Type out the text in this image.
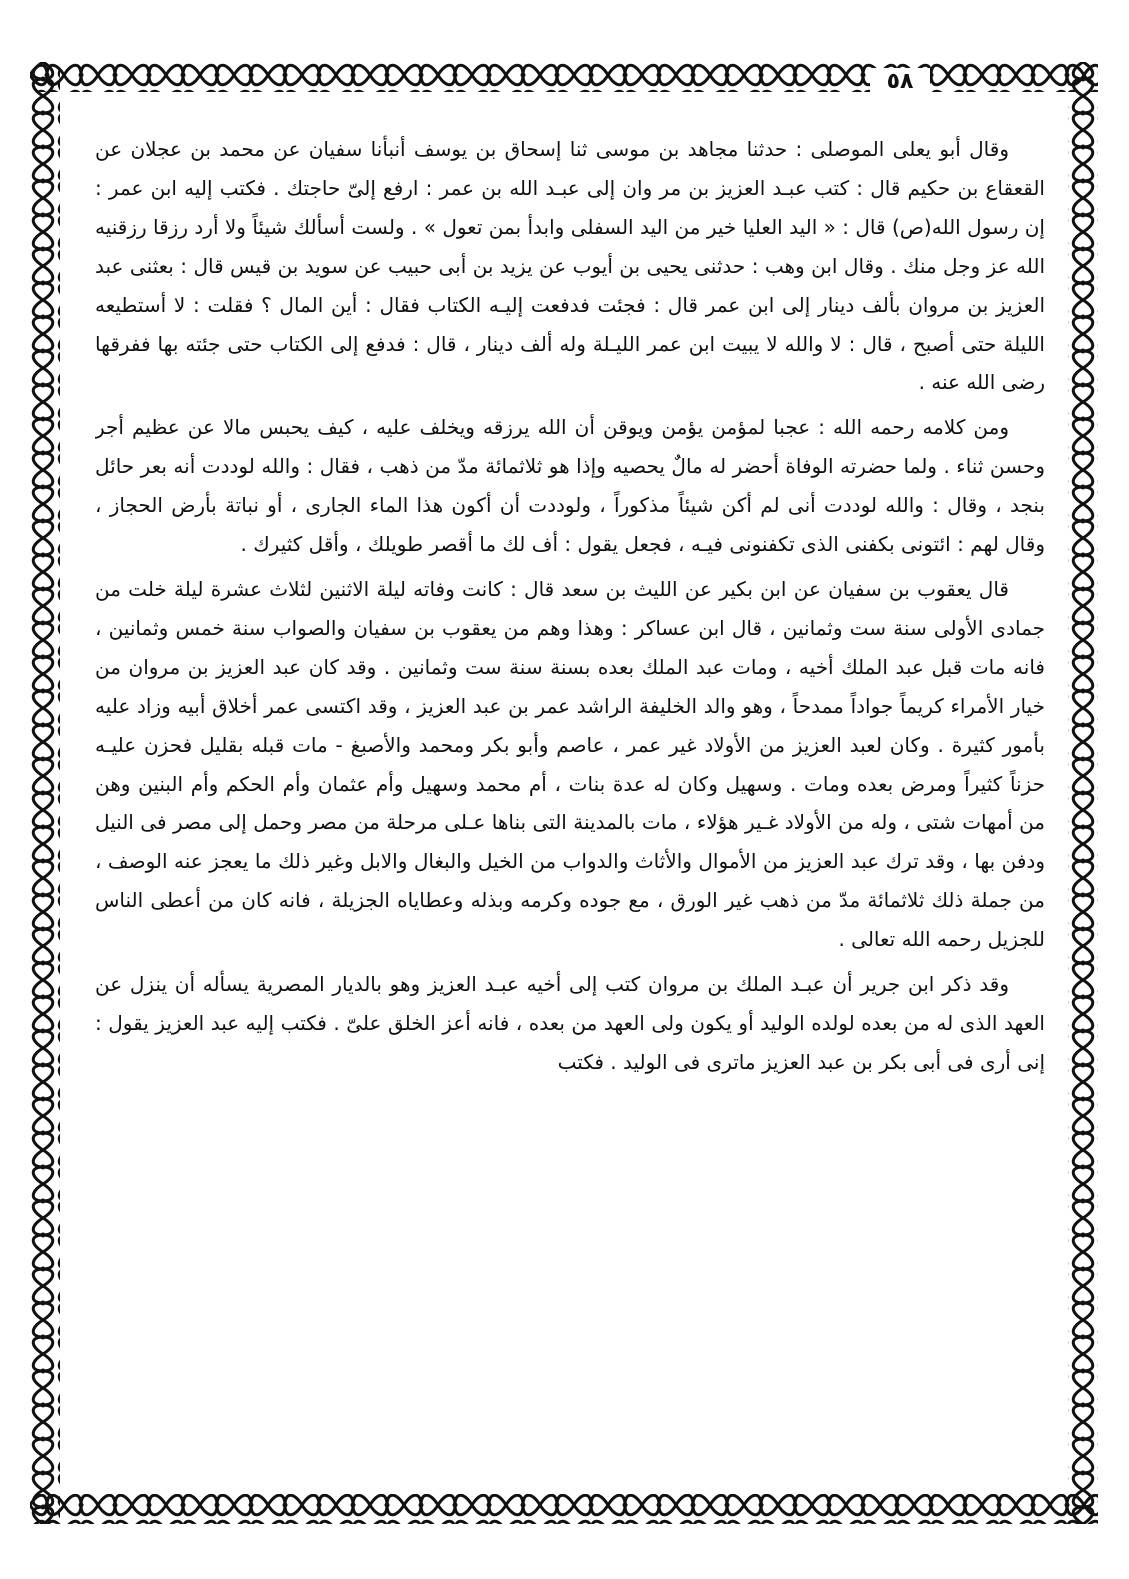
٥٨

وقال أبو يعلى الموصلى : حدثنا مجاهد بن موسى ثنا إسحاق بن يوسف أنبأنا سفيان عن محمد بن عجلان عن القعقاع بن حكيم قال : كتب عبـد العزيز بن مر وان إلى عبـد الله بن عمر : ارفع إلىّ حاجتك . فكتب إليه ابن عمر : إن رسول الله(ص) قال : « اليد العليا خير من اليد السفلى وابدأ بمن تعول » . ولست أسألك شيئاً ولا أرد رزقا رزقنيه الله عز وجل منك . وقال ابن وهب : حدثنى يحيى بن أيوب عن يزيد بن أبى حبيب عن سويد بن قيس قال : بعثنى عبد العزيز بن مروان بألف دينار إلى ابن عمر قال : فجئت فدفعت إليـه الكتاب فقال : أين المال ؟ فقلت : لا أستطيعه الليلة حتى أصبح ، قال : لا والله لا يبيت ابن عمر الليـلة وله ألف دينار ، قال : فدفع إلى الكتاب حتى جئته بها ففرقها رضى الله عنه .

ومن كلامه رحمه الله : عجبا لمؤمن يؤمن ويوقن أن الله يرزقه ويخلف عليه ، كيف يحبس مالا عن عظيم أجر وحسن ثناء . ولما حضرته الوفاة أحضر له مالٌ يحصيه وإذا هو ثلاثمائة مدّ من ذهب ، فقال : والله لوددت أنه بعر حائل بنجد ، وقال : والله لوددت أنى لم أكن شيئاً مذكوراً ، ولوددت أن أكون هذا الماء الجارى ، أو نباتة بأرض الحجاز ، وقال لهم : ائتونى بكفنى الذى تكفنونى فيـه ، فجعل يقول : أف لك ما أقصر طويلك ، وأقل كثيرك .

قال يعقوب بن سفيان عن ابن بكير عن الليث بن سعد قال : كانت وفاته ليلة الاثنين لثلاث عشرة ليلة خلت من جمادى الأولى سنة ست وثمانين ، قال ابن عساكر : وهذا وهم من يعقوب بن سفيان والصواب سنة خمس وثمانين ، فانه مات قبل عبد الملك أخيه ، ومات عبد الملك بعده بسنة سنة ست وثمانين . وقد كان عبد العزيز بن مروان من خيار الأمراء كريماً جواداً ممدحاً ، وهو والد الخليفة الراشد عمر بن عبد العزيز ، وقد اكتسى عمر أخلاق أبيه وزاد عليه بأمور كثيرة . وكان لعبد العزيز من الأولاد غير عمر ، عاصم وأبو بكر ومحمد والأصبغ - مات قبله بقليل فحزن عليـه حزناً كثيراً ومرض بعده ومات . وسهيل وكان له عدة بنات ، أم محمد وسهيل وأم عثمان وأم الحكم وأم البنين وهن من أمهات شتى ، وله من الأولاد غـير هؤلاء ، مات بالمدينة التى بناها عـلى مرحلة من مصر وحمل إلى مصر فى النيل ودفن بها ، وقد ترك عبد العزيز من الأموال والأثاث والدواب من الخيل والبغال والابل وغير ذلك ما يعجز عنه الوصف ، من جملة ذلك ثلاثمائة مدّ من ذهب غير الورق ، مع جوده وكرمه وبذله وعطاياه الجزيلة ، فانه كان من أعطى الناس للجزيل رحمه الله تعالى .

وقد ذكر ابن جرير أن عبـد الملك بن مروان كتب إلى أخيه عبـد العزيز وهو بالديار المصرية يسأله أن ينزل عن العهد الذى له من بعده لولده الوليد أو يكون ولى العهد من بعده ، فانه أعز الخلق علىّ . فكتب إليه عبد العزيز يقول : إنى أرى فى أبى بكر بن عبد العزيز ماترى فى الوليد . فكتب
